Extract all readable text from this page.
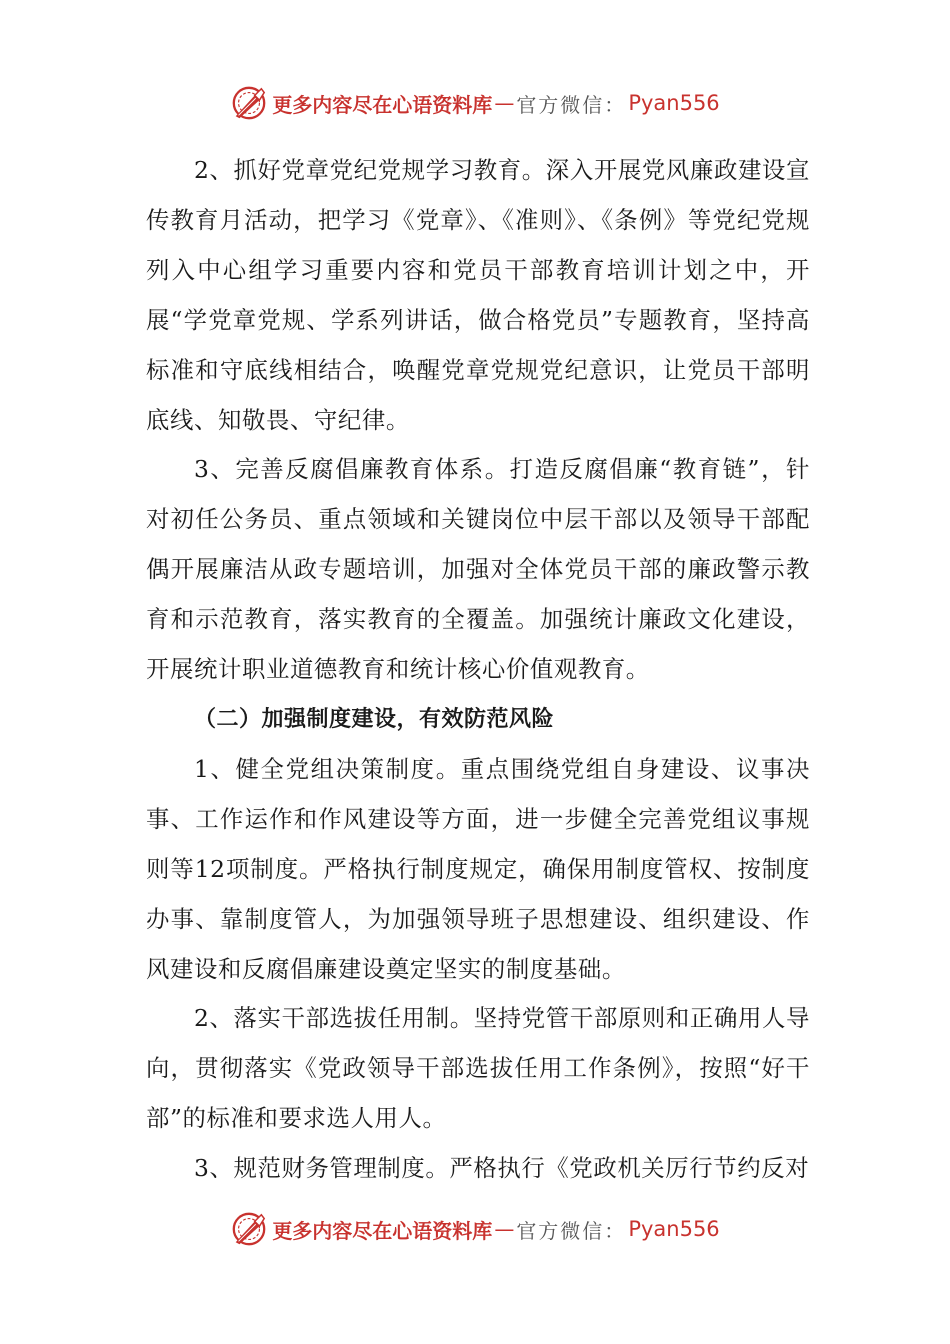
更多内容尽在心语资料库 — 官方微信： Pyan556

2、抓好党章党纪党规学习教育。深入开展党风廉政建设宣传教育月活动，把学习《党章》、《准则》、《条例》等党纪党规列入中心组学习重要内容和党员干部教育培训计划之中，开展“学党章党规、学系列讲话，做合格党员”专题教育，坚持高标准和守底线相结合，唤醒党章党规党纪意识，让党员干部明底线、知敬畏、守纪律。

3、完善反腐倡廉教育体系。打造反腐倡廉“教育链”，针对初任公务员、重点领域和关键岗位中层干部以及领导干部配偶开展廉洁从政专题培训，加强对全体党员干部的廉政警示教育和示范教育，落实教育的全覆盖。加强统计廉政文化建设，开展统计职业道德教育和统计核心价值观教育。

（二）加强制度建设，有效防范风险

1、健全党组决策制度。重点围绕党组自身建设、议事决事、工作运作和作风建设等方面，进一步健全完善党组议事规则等12项制度。严格执行制度规定，确保用制度管权、按制度办事、靠制度管人，为加强领导班子思想建设、组织建设、作风建设和反腐倡廉建设奠定坚实的制度基础。

2、落实干部选拔任用制。坚持党管干部原则和正确用人导向，贯彻落实《党政领导干部选拔任用工作条例》，按照“好干部”的标准和要求选人用人。

3、规范财务管理制度。严格执行《党政机关厉行节约反对

更多内容尽在心语资料库 — 官方微信： Pyan556
